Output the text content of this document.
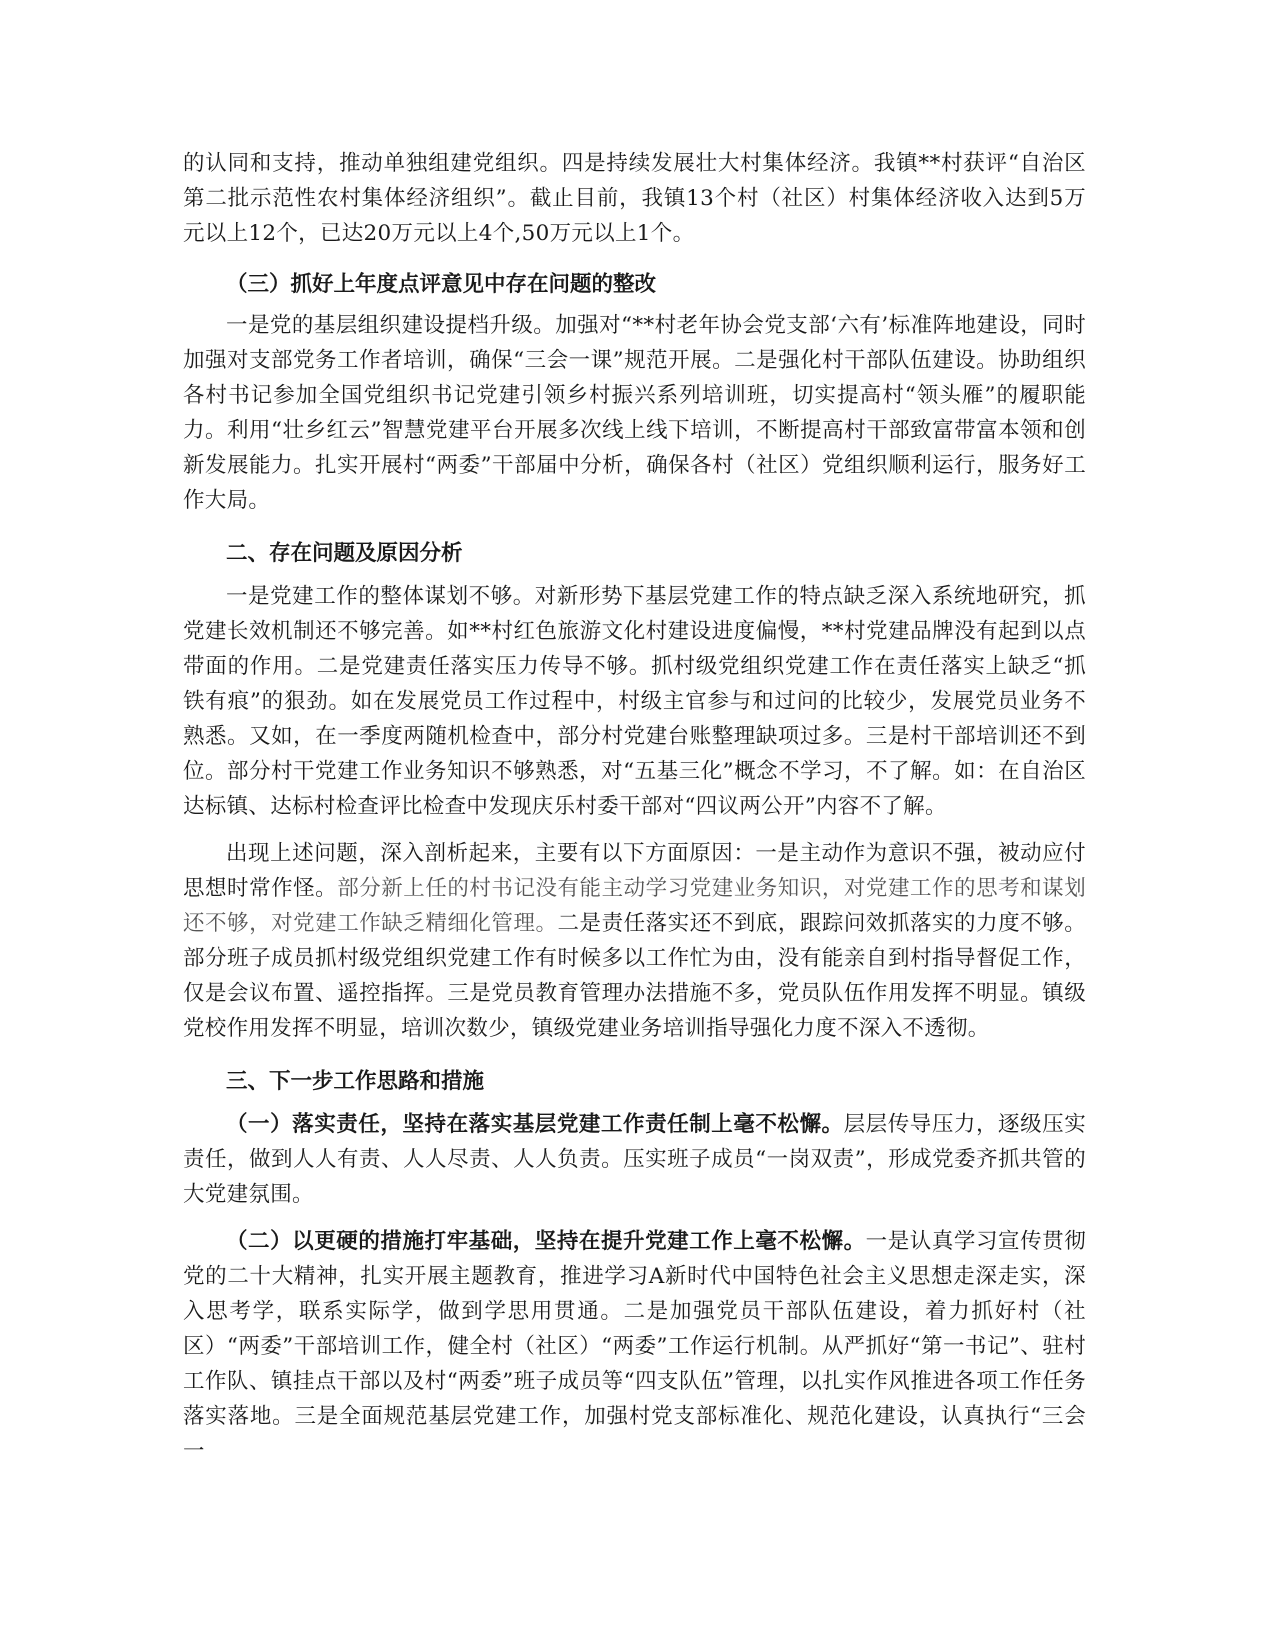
的认同和支持，推动单独组建党组织。四是持续发展壮大村集体经济。我镇**村获评“自治区第二批示范性农村集体经济组织”。截止目前，我镇13个村（社区）村集体经济收入达到5万元以上12个，已达20万元以上4个,50万元以上1个。

（三）抓好上年度点评意见中存在问题的整改

一是党的基层组织建设提档升级。加强对“**村老年协会党支部‘六有’标准阵地建设，同时加强对支部党务工作者培训，确保“三会一课”规范开展。二是强化村干部队伍建设。协助组织各村书记参加全国党组织书记党建引领乡村振兴系列培训班，切实提高村“领头雁”的履职能力。利用“壮乡红云”智慧党建平台开展多次线上线下培训，不断提高村干部致富带富本领和创新发展能力。扎实开展村“两委”干部届中分析，确保各村（社区）党组织顺利运行，服务好工作大局。

二、存在问题及原因分析

一是党建工作的整体谋划不够。对新形势下基层党建工作的特点缺乏深入系统地研究，抓党建长效机制还不够完善。如**村红色旅游文化村建设进度偏慢，**村党建品牌没有起到以点带面的作用。二是党建责任落实压力传导不够。抓村级党组织党建工作在责任落实上缺乏“抓铁有痕”的狠劲。如在发展党员工作过程中，村级主官参与和过问的比较少，发展党员业务不熟悉。又如，在一季度两随机检查中，部分村党建台账整理缺项过多。三是村干部培训还不到位。部分村干党建工作业务知识不够熟悉，对“五基三化”概念不学习，不了解。如：在自治区达标镇、达标村检查评比检查中发现庆乐村委干部对“四议两公开”内容不了解。

出现上述问题，深入剖析起来，主要有以下方面原因：一是主动作为意识不强，被动应付思想时常作怪。部分新上任的村书记没有能主动学习党建业务知识，对党建工作的思考和谋划还不够，对党建工作缺乏精细化管理。二是责任落实还不到底，跟踪问效抓落实的力度不够。部分班子成员抓村级党组织党建工作有时候多以工作忙为由，没有能亲自到村指导督促工作，仅是会议布置、遥控指挥。三是党员教育管理办法措施不多，党员队伍作用发挥不明显。镇级党校作用发挥不明显，培训次数少，镇级党建业务培训指导强化力度不深入不透彻。

三、下一步工作思路和措施

（一）落实责任，坚持在落实基层党建工作责任制上毫不松懈。层层传导压力，逐级压实责任，做到人人有责、人人尽责、人人负责。压实班子成员“一岗双责”，形成党委齐抓共管的大党建氛围。

（二）以更硬的措施打牢基础，坚持在提升党建工作上毫不松懈。一是认真学习宣传贯彻党的二十大精神，扎实开展主题教育，推进学习A新时代中国特色社会主义思想走深走实，深入思考学，联系实际学，做到学思用贯通。二是加强党员干部队伍建设，着力抓好村（社区）“两委”干部培训工作，健全村（社区）“两委”工作运行机制。从严抓好“第一书记”、驻村工作队、镇挂点干部以及村“两委”班子成员等“四支队伍”管理，以扎实作风推进各项工作任务落实落地。三是全面规范基层党建工作，加强村党支部标准化、规范化建设，认真执行“三会一
